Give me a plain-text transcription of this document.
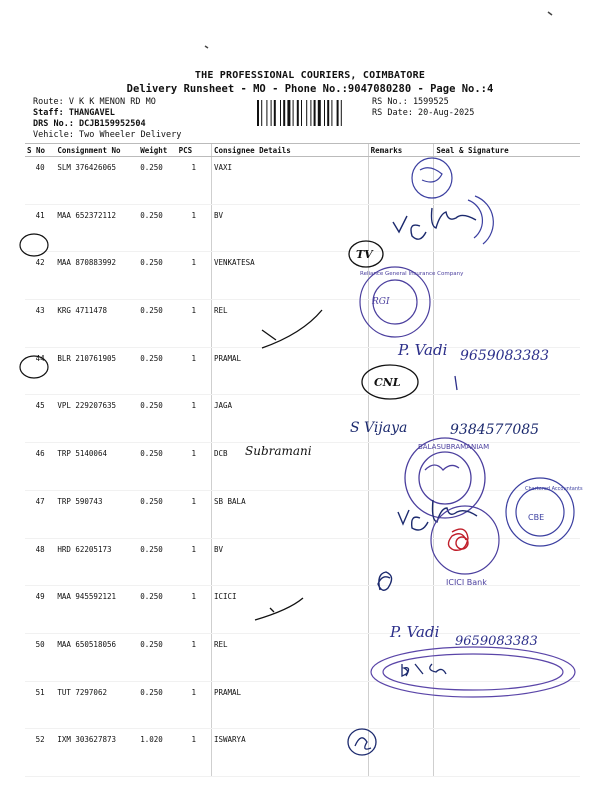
THE PROFESSIONAL COURIERS, COIMBATORE
Delivery Runsheet - MO - Phone No.:9047080280 - Page No.:4
Route: V K K MENON RD MO
Staff: THANGAVEL
DRS No.: DCJB159952504
Vehicle: Two Wheeler Delivery
RS No.: 1599525
RS Date: 20-Aug-2025
S No	Consignment No	Weight	PCS	Consignee Details	Remarks	Seal & Signature
40	SLM 376426065	0.250	1	VAXI		
41	MAA 652372112	0.250	1	BV		
42	MAA 870883992	0.250	1	VENKATESA		
43	KRG 4711478	0.250	1	REL		
44	BLR 210761905	0.250	1	PRAMAL		
45	VPL 229207635	0.250	1	JAGA		
46	TRP 5140064	0.250	1	DCB		
47	TRP 590743	0.250	1	SB BALA		
48	HRD 62205173	0.250	1	BV		
49	MAA 945592121	0.250	1	ICICI		
50	MAA 650518056	0.250	1	REL		
51	TUT 7297062	0.250	1	PRAMAL		
52	IXM 303627873	1.020	1	ISWARYA		
TV
RGI
Reliance General Insurance Company
P. Vadi 9659083383
CNL
S Vijaya	9384577085
Subramani	BALASUBRAMANIAM
CBE
Chartered Accountants
ICICI Bank
P. Vadi
9659083383
